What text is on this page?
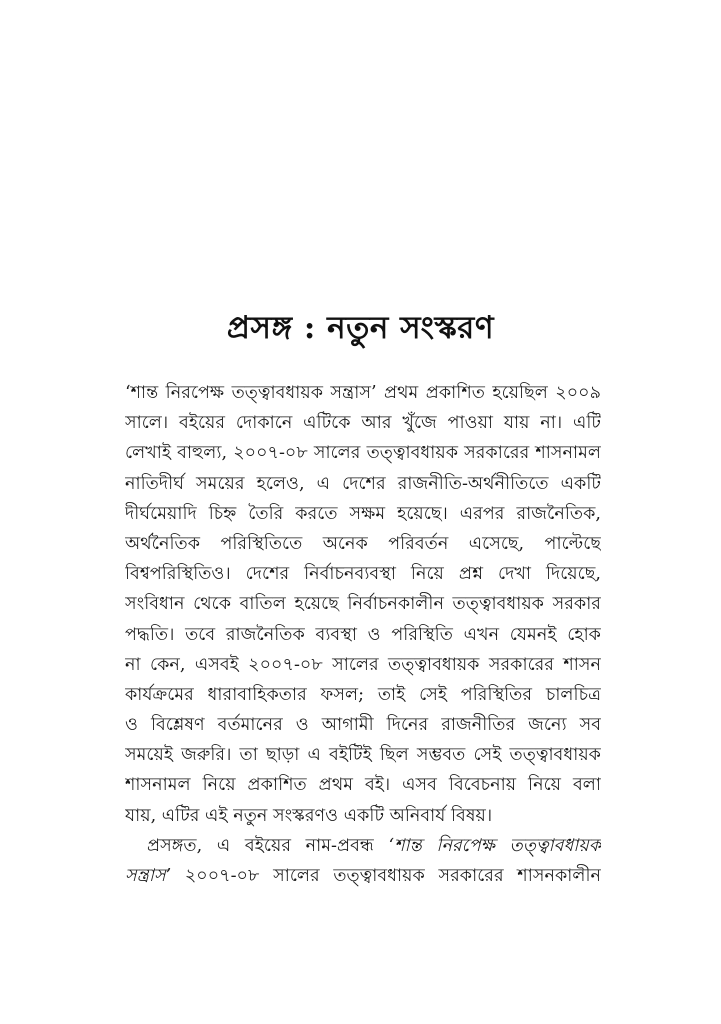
প্রসঙ্গ : নতুন সংস্করণ
‘শান্ত নিরপেক্ষ তত্ত্বাবধায়ক সন্ত্রাস’ প্রথম প্রকাশিত হয়েছিল ২০০৯
সালে। বইয়ের দোকানে এটিকে আর খুঁজে পাওয়া যায় না। এটি
লেখাই বাহুল্য, ২০০৭-০৮ সালের তত্ত্বাবধায়ক সরকারের শাসনামল
নাতিদীর্ঘ সময়ের হলেও, এ দেশের রাজনীতি-অর্থনীতিতে একটি
দীর্ঘমেয়াদি চিহ্ন তৈরি করতে সক্ষম হয়েছে। এরপর রাজনৈতিক,
অর্থনৈতিক পরিস্থিতিতে অনেক পরিবর্তন এসেছে, পাল্টেছে
বিশ্বপরিস্থিতিও। দেশের নির্বাচনব্যবস্থা নিয়ে প্রশ্ন দেখা দিয়েছে,
সংবিধান থেকে বাতিল হয়েছে নির্বাচনকালীন তত্ত্বাবধায়ক সরকার
পদ্ধতি। তবে রাজনৈতিক ব্যবস্থা ও পরিস্থিতি এখন যেমনই হোক
না কেন, এসবই ২০০৭-০৮ সালের তত্ত্বাবধায়ক সরকারের শাসন
কার্যক্রমের ধারাবাহিকতার ফসল; তাই সেই পরিস্থিতির চালচিত্র
ও বিশ্লেষণ বর্তমানের ও আগামী দিনের রাজনীতির জন্যে সব
সময়েই জরুরি। তা ছাড়া এ বইটিই ছিল সম্ভবত সেই তত্ত্বাবধায়ক
শাসনামল নিয়ে প্রকাশিত প্রথম বই। এসব বিবেচনায় নিয়ে বলা
যায়, এটির এই নতুন সংস্করণও একটি অনিবার্য বিষয়।
প্রসঙ্গত, এ বইয়ের নাম-প্রবন্ধ ‘শান্ত নিরপেক্ষ তত্ত্বাবধায়ক
সন্ত্রাস’ ২০০৭-০৮ সালের তত্ত্বাবধায়ক সরকারের শাসনকালীন
